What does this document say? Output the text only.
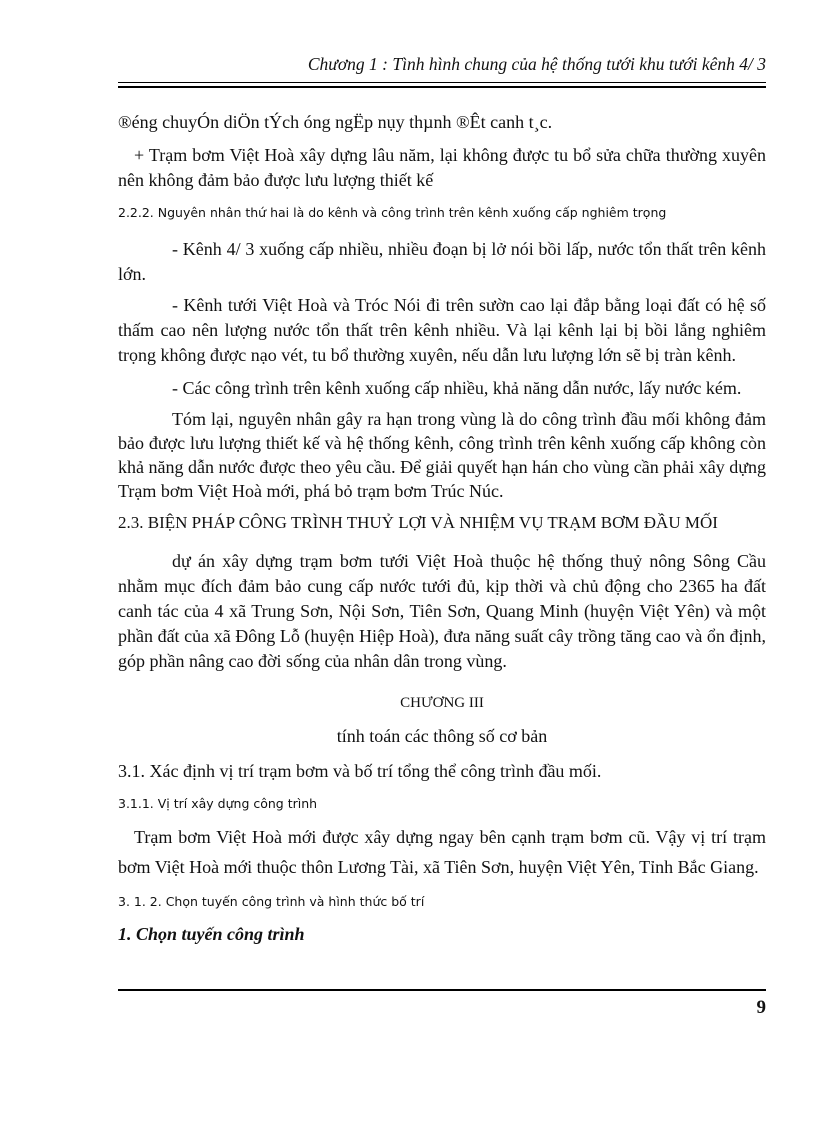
Chương 1 : Tình hình chung của hệ thống tưới khu tưới kênh 4/ 3

®éng chuyÓn diÖn tÝch óng ngËp nụy thµnh ®Êt canh t¸c.

+ Trạm bơm Việt Hoà xây dựng lâu năm, lại không được tu bổ sửa chữa thường xuyên nên không đảm bảo được lưu lượng thiết kế

2.2.2. Nguyên nhân thứ hai là do kênh và công trình trên kênh xuống cấp nghiêm trọng

- Kênh 4/ 3 xuống cấp nhiều, nhiều đoạn bị lở nói bồi lấp, nước tổn thất trên kênh lớn.

- Kênh tưới Việt Hoà và Tróc Nói đi trên sườn cao lại đắp bằng loại đất có hệ số thấm cao nên lượng nước tổn thất trên kênh nhiều. Và lại kênh lại bị bồi lắng nghiêm trọng không được nạo vét, tu bổ thường xuyên, nếu dẫn lưu lượng lớn sẽ bị tràn kênh.

- Các công trình trên kênh xuống cấp nhiều, khả năng dẫn nước, lấy nước kém.

Tóm lại, nguyên nhân gây ra hạn trong vùng là do công trình đầu mối không đảm bảo được lưu lượng thiết kế và hệ thống kênh, công trình trên kênh xuống cấp không còn khả năng dẫn nước được theo yêu cầu. Để giải quyết hạn hán cho vùng cần phải xây dựng Trạm bơm Việt Hoà mới, phá bỏ trạm bơm Trúc Núc.

2.3. BIỆN PHÁP CÔNG TRÌNH THUỶ LỢI VÀ NHIỆM VỤ TRẠM BƠM ĐẦU MỐI

dự án xây dựng trạm bơm tưới Việt Hoà thuộc hệ thống thuỷ nông Sông Cầu nhằm mục đích đảm bảo cung cấp nước tưới đủ, kịp thời và chủ động cho 2365 ha đất canh tác của 4 xã Trung Sơn, Nội Sơn, Tiên Sơn, Quang Minh (huyện Việt Yên) và một phần đất của xã Đông Lỗ (huyện Hiệp Hoà), đưa năng suất cây trồng tăng cao và ổn định, góp phần nâng cao đời sống của nhân dân trong vùng.

CHƯƠNG III

tính toán các thông số cơ bản

3.1. Xác định vị trí trạm bơm và bố trí tổng thể công trình đầu mối.

3.1.1. Vị trí xây dựng công trình

Trạm bơm Việt Hoà mới được xây dựng ngay bên cạnh trạm bơm cũ. Vậy vị trí trạm bơm Việt Hoà mới thuộc thôn Lương Tài, xã Tiên Sơn, huyện Việt Yên, Tỉnh Bắc Giang.

3. 1. 2. Chọn tuyến công trình và hình thức bố trí

1. Chọn tuyến công trình

9
